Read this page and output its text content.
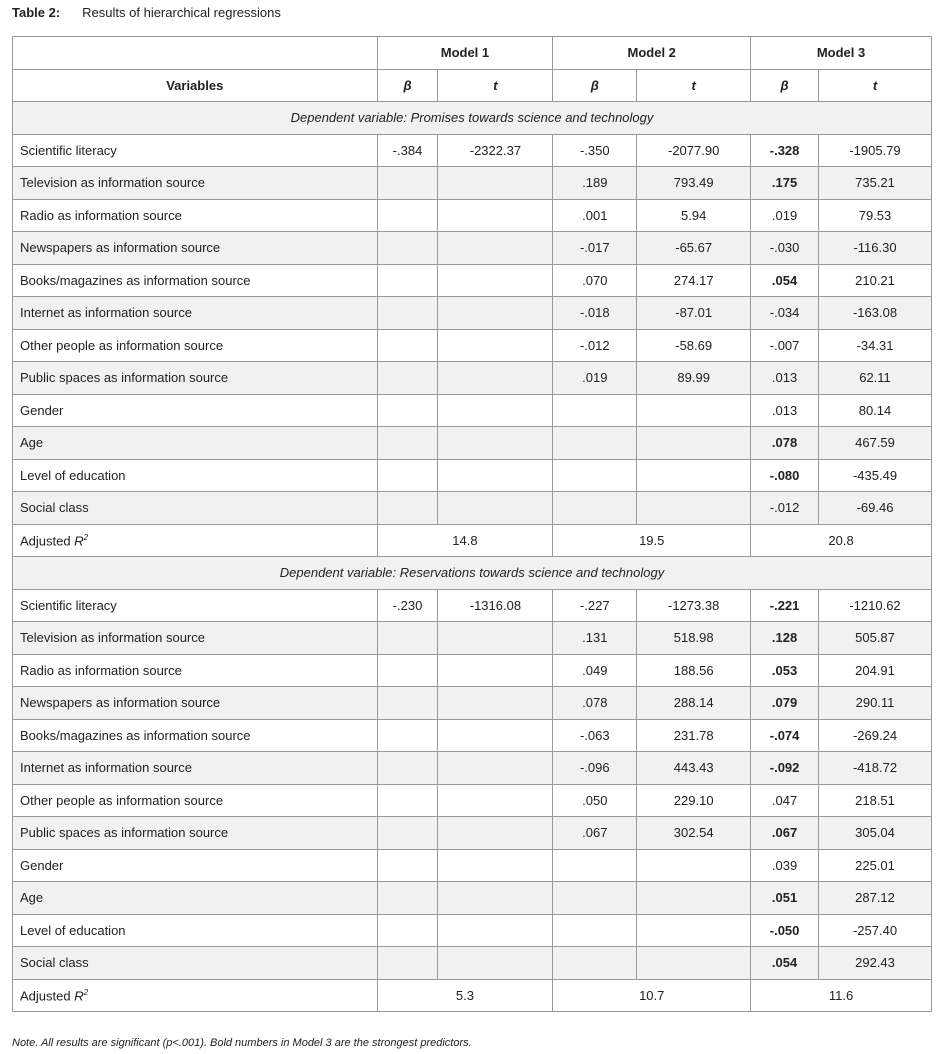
Table 2: Results of hierarchical regressions
	Model 1		Model 2		Model 3	
Variables	β	t	β	t	β	t
Dependent variable: Promises towards science and technology						
Scientific literacy	-.384	-2322.37	-.350	-2077.90	-.328	-1905.79
Television as information source			.189	793.49	.175	735.21
Radio as information source			.001	5.94	.019	79.53
Newspapers as information source			-.017	-65.67	-.030	-116.30
Books/magazines as information source			.070	274.17	.054	210.21
Internet as information source			-.018	-87.01	-.034	-163.08
Other people as information source			-.012	-58.69	-.007	-34.31
Public spaces as information source			.019	89.99	.013	62.11
Gender					.013	80.14
Age					.078	467.59
Level of education					-.080	-435.49
Social class					-.012	-69.46
Adjusted $R^2$	14.8		19.5		20.8	
Dependent variable: Reservations towards science and technology						
Scientific literacy	-.230	-1316.08	-.227	-1273.38	-.221	-1210.62
Television as information source			.131	518.98	.128	505.87
Radio as information source			.049	188.56	.053	204.91
Newspapers as information source			.078	288.14	.079	290.11
Books/magazines as information source			-.063	231.78	-.074	-269.24
Internet as information source			-.096	443.43	-.092	-418.72
Other people as information source			.050	229.10	.047	218.51
Public spaces as information source			.067	302.54	.067	305.04
Gender					.039	225.01
Age					.051	287.12
Level of education					-.050	-257.40
Social class					.054	292.43
Adjusted $R^2$	5.3		10.7		11.6	
Note. All results are significant (p<.001). Bold numbers in Model 3 are the strongest predictors.
